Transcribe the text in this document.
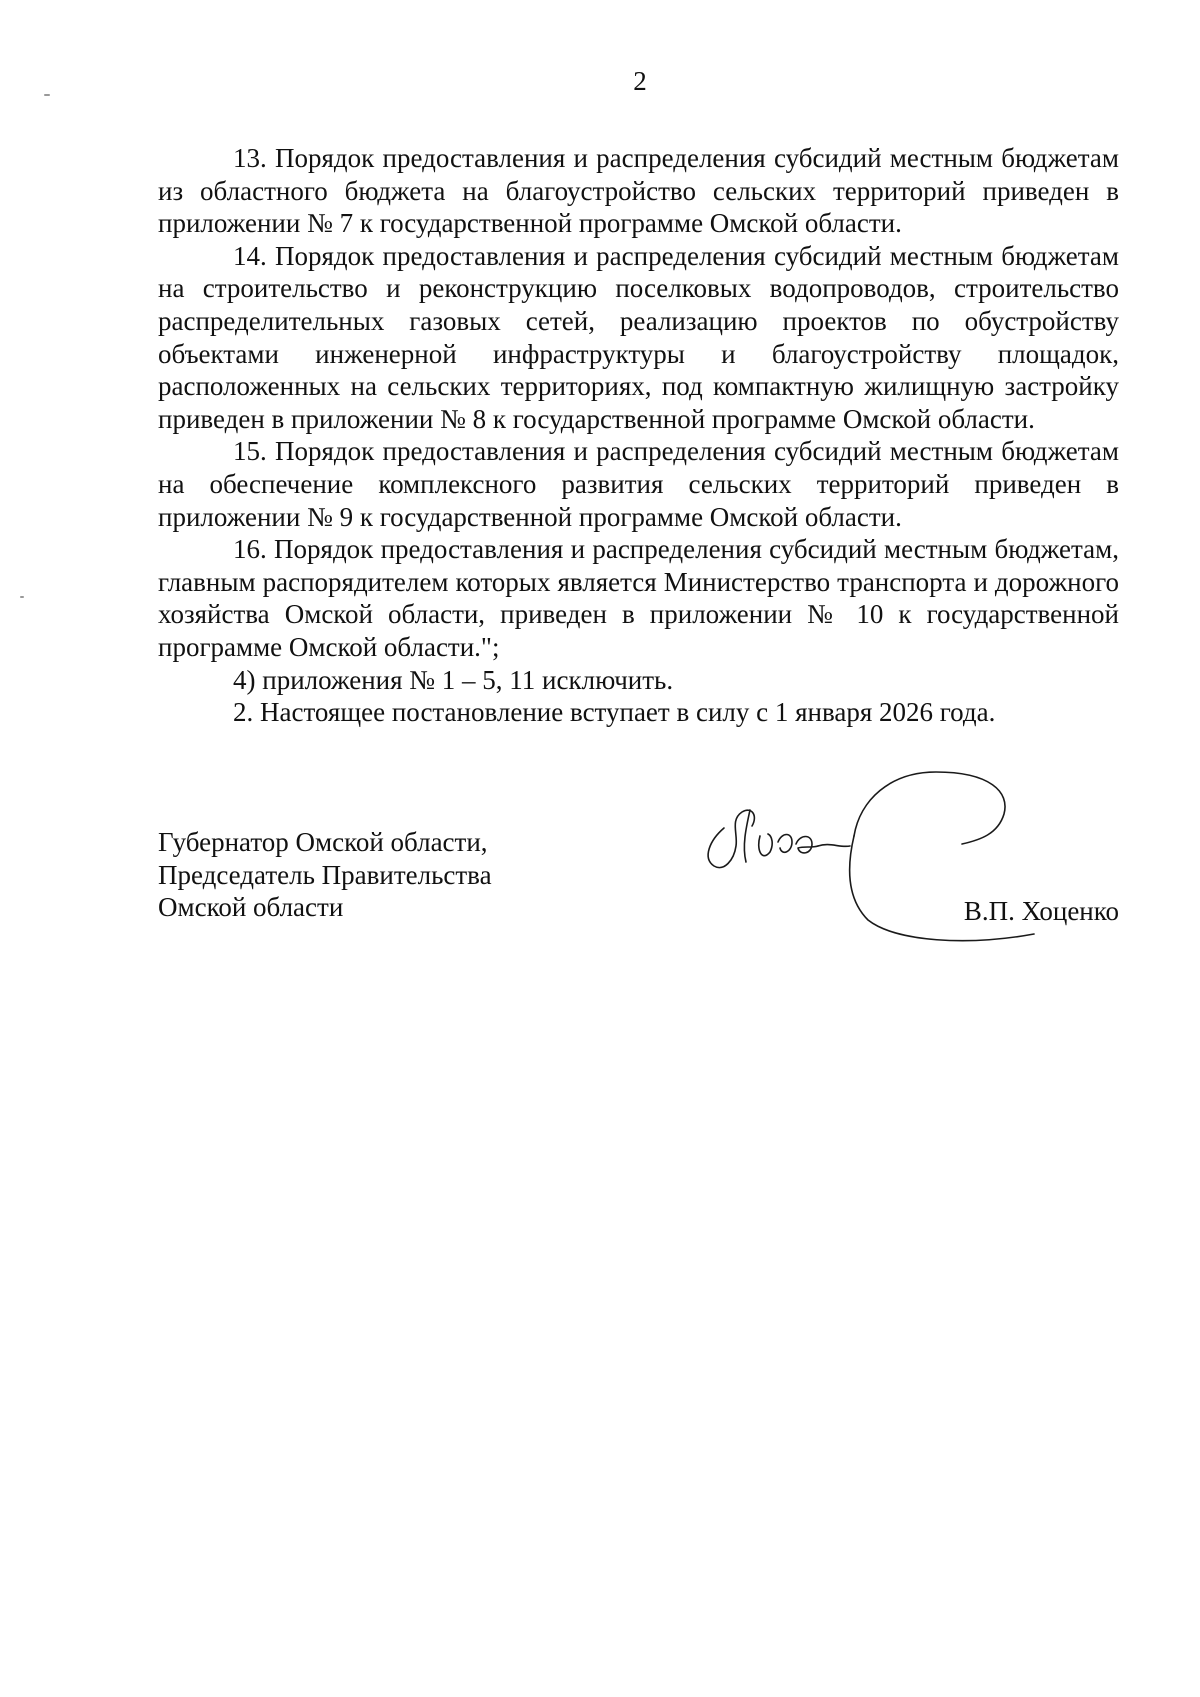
2

13. Порядок предоставления и распределения субсидий местным бюджетам из областного бюджета на благоустройство сельских территорий приведен в приложении № 7 к государственной программе Омской области.

14. Порядок предоставления и распределения субсидий местным бюджетам на строительство и реконструкцию поселковых водопроводов, строительство распределительных газовых сетей, реализацию проектов по обустройству объектами инженерной инфраструктуры и благоустройству площадок, расположенных на сельских территориях, под компактную жилищную застройку приведен в приложении № 8 к государственной программе Омской области.

15. Порядок предоставления и распределения субсидий местным бюджетам на обеспечение комплексного развития сельских территорий приведен в приложении № 9 к государственной программе Омской области.

16. Порядок предоставления и распределения субсидий местным бюджетам, главным распорядителем которых является Министерство транспорта и дорожного хозяйства Омской области, приведен в приложении № 10 к государственной программе Омской области.";

4) приложения № 1 – 5, 11 исключить.

2. Настоящее постановление вступает в силу с 1 января 2026 года.

Губернатор Омской области,
Председатель Правительства
Омской области	В.П. Хоценко
